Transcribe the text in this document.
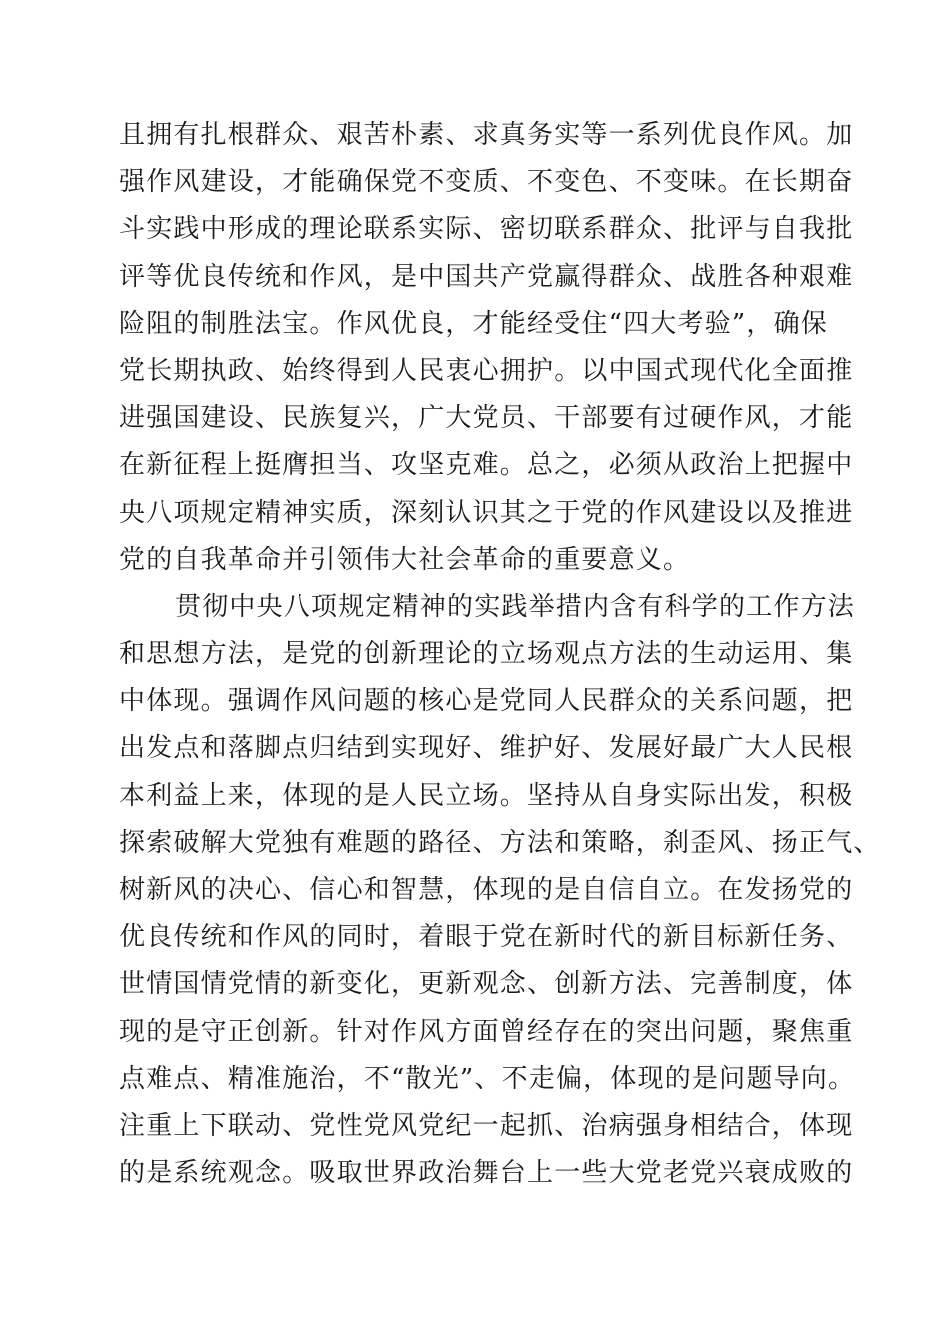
且拥有扎根群众、艰苦朴素、求真务实等一系列优良作风。加
强作风建设，才能确保党不变质、不变色、不变味。在长期奋
斗实践中形成的理论联系实际、密切联系群众、批评与自我批
评等优良传统和作风，是中国共产党赢得群众、战胜各种艰难
险阻的制胜法宝。作风优良，才能经受住“四大考验”，确保
党长期执政、始终得到人民衷心拥护。以中国式现代化全面推
进强国建设、民族复兴，广大党员、干部要有过硬作风，才能
在新征程上挺膺担当、攻坚克难。总之，必须从政治上把握中
央八项规定精神实质，深刻认识其之于党的作风建设以及推进
党的自我革命并引领伟大社会革命的重要意义。
贯彻中央八项规定精神的实践举措内含有科学的工作方法
和思想方法，是党的创新理论的立场观点方法的生动运用、集
中体现。强调作风问题的核心是党同人民群众的关系问题，把
出发点和落脚点归结到实现好、维护好、发展好最广大人民根
本利益上来，体现的是人民立场。坚持从自身实际出发，积极
探索破解大党独有难题的路径、方法和策略，刹歪风、扬正气、
树新风的决心、信心和智慧，体现的是自信自立。在发扬党的
优良传统和作风的同时，着眼于党在新时代的新目标新任务、
世情国情党情的新变化，更新观念、创新方法、完善制度，体
现的是守正创新。针对作风方面曾经存在的突出问题，聚焦重
点难点、精准施治，不“散光”、不走偏，体现的是问题导向。
注重上下联动、党性党风党纪一起抓、治病强身相结合，体现
的是系统观念。吸取世界政治舞台上一些大党老党兴衰成败的
